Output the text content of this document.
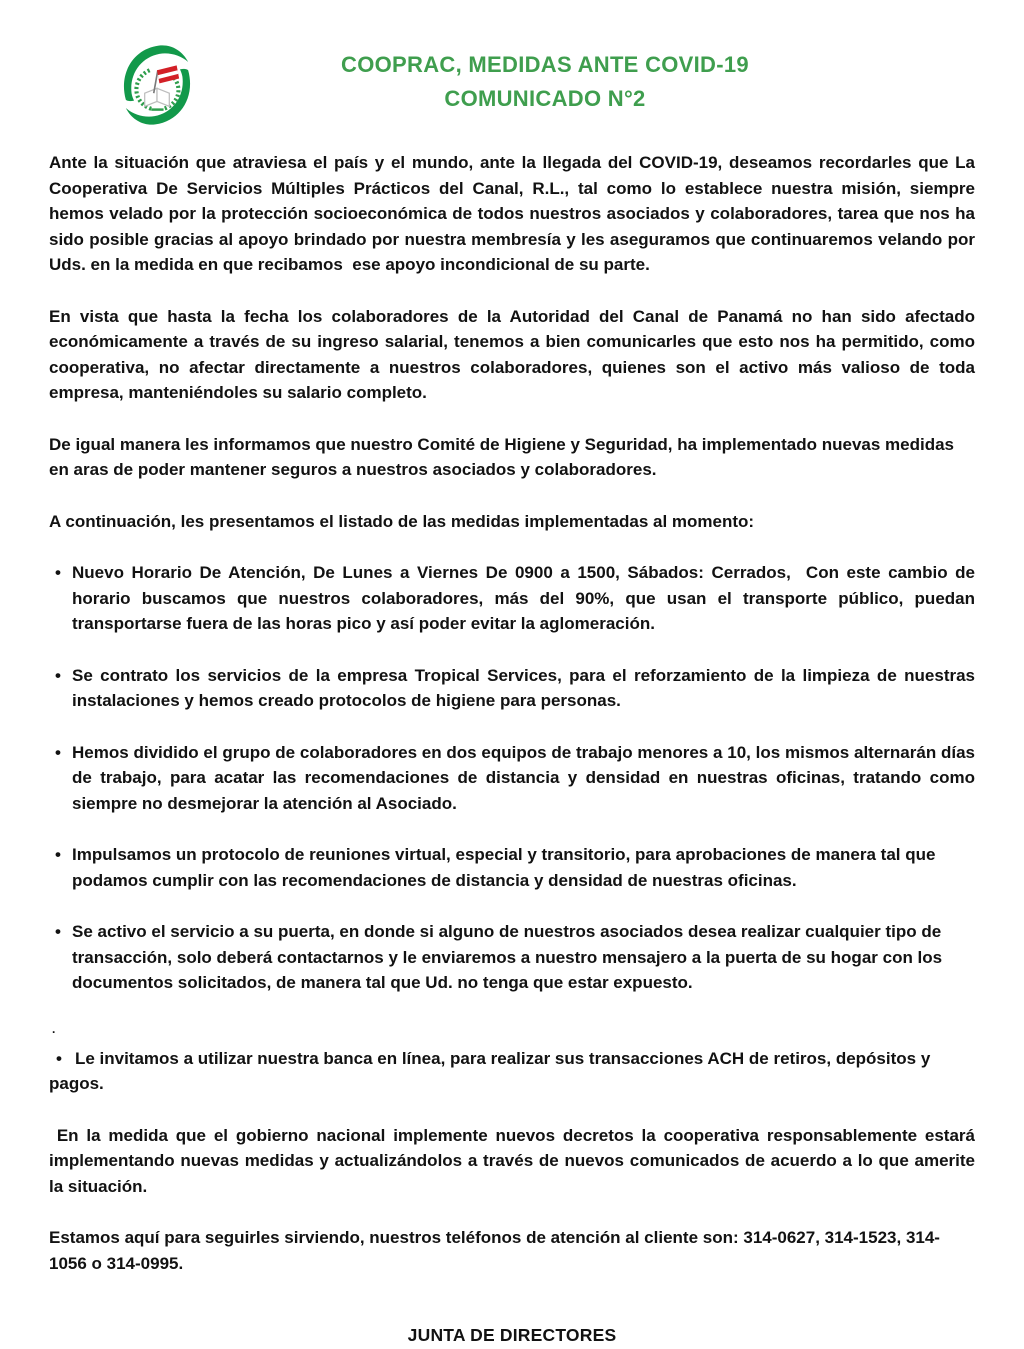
COOPRAC, MEDIDAS ANTE COVID-19
COMUNICADO N°2

Ante la situación que atraviesa el país y el mundo, ante la llegada del COVID-19, deseamos recordarles que La Cooperativa De Servicios Múltiples Prácticos del Canal, R.L., tal como lo establece nuestra misión, siempre hemos velado por la protección socioeconómica de todos nuestros asociados y colaboradores, tarea que nos ha sido posible gracias al apoyo brindado por nuestra membresía y les aseguramos que continuaremos velando por Uds. en la medida en que recibamos  ese apoyo incondicional de su parte.

En vista que hasta la fecha los colaboradores de la Autoridad del Canal de Panamá no han sido afectado económicamente a través de su ingreso salarial, tenemos a bien comunicarles que esto nos ha permitido, como cooperativa, no afectar directamente a nuestros colaboradores, quienes son el activo más valioso de toda empresa, manteniéndoles su salario completo.

De igual manera les informamos que nuestro Comité de Higiene y Seguridad, ha implementado nuevas medidas en aras de poder mantener seguros a nuestros asociados y colaboradores.

A continuación, les presentamos el listado de las medidas implementadas al momento:

• Nuevo Horario De Atención, De Lunes a Viernes De 0900 a 1500, Sábados: Cerrados,  Con este cambio de horario buscamos que nuestros colaboradores, más del 90%, que usan el transporte público, puedan transportarse fuera de las horas pico y así poder evitar la aglomeración.
• Se contrato los servicios de la empresa Tropical Services, para el reforzamiento de la limpieza de nuestras instalaciones y hemos creado protocolos de higiene para personas.
• Hemos dividido el grupo de colaboradores en dos equipos de trabajo menores a 10, los mismos alternarán días de trabajo, para acatar las recomendaciones de distancia y densidad en nuestras oficinas, tratando como siempre no desmejorar la atención al Asociado.
• Impulsamos un protocolo de reuniones virtual, especial y transitorio, para aprobaciones de manera tal que podamos cumplir con las recomendaciones de distancia y densidad de nuestras oficinas.
• Se activo el servicio a su puerta, en donde si alguno de nuestros asociados desea realizar cualquier tipo de transacción, solo deberá contactarnos y le enviaremos a nuestro mensajero a la puerta de su hogar con los documentos solicitados, de manera tal que Ud. no tenga que estar expuesto.

.

• Le invitamos a utilizar nuestra banca en línea, para realizar sus transacciones ACH de retiros, depósitos y pagos.

En la medida que el gobierno nacional implemente nuevos decretos la cooperativa responsablemente estará implementando nuevas medidas y actualizándolos a través de nuevos comunicados de acuerdo a lo que amerite la situación.

Estamos aquí para seguirles sirviendo, nuestros teléfonos de atención al cliente son: 314-0627, 314-1523, 314-1056 o 314-0995.

JUNTA DE DIRECTORES
